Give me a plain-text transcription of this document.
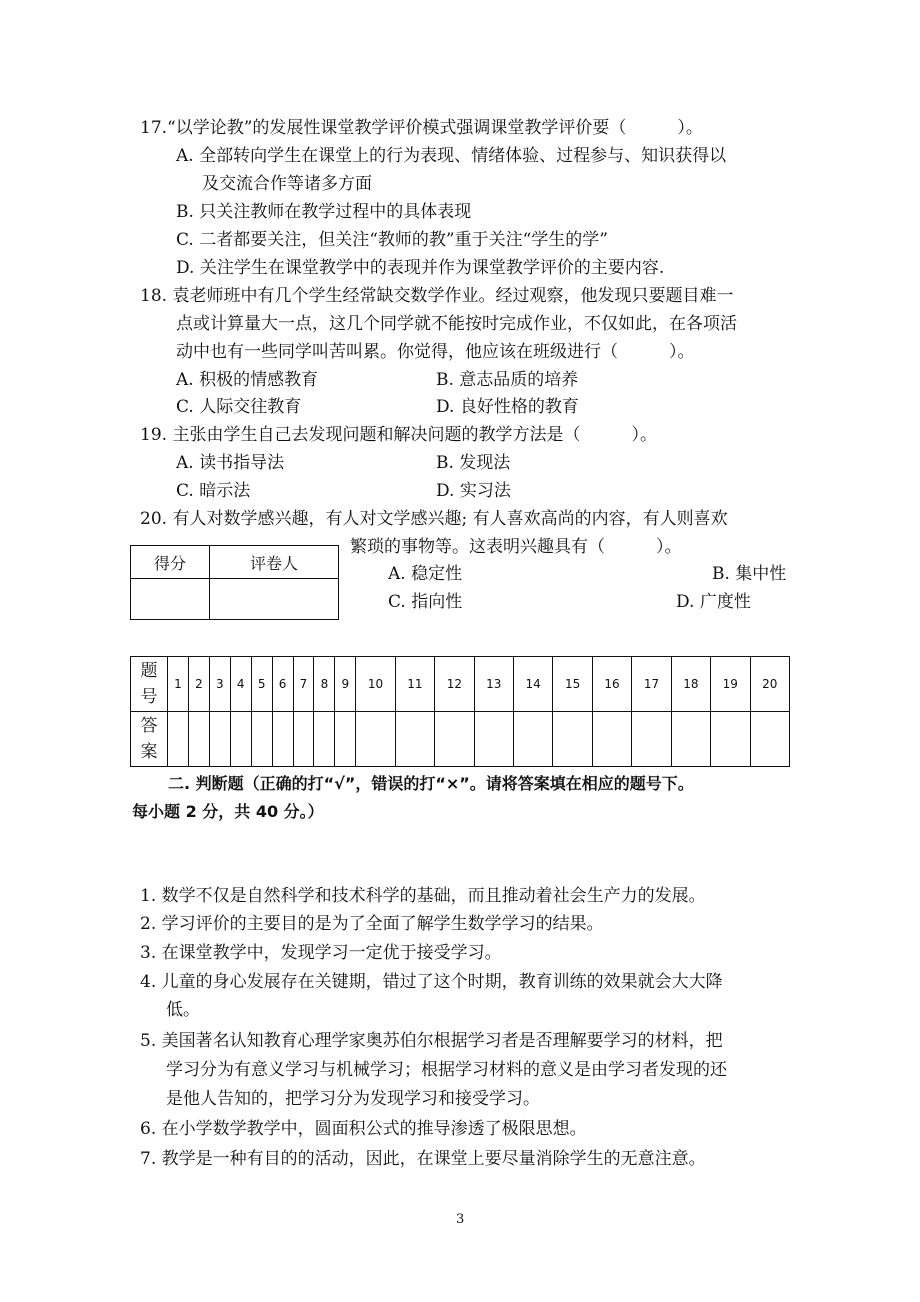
17.“以学论教”的发展性课堂教学评价模式强调课堂教学评价要（　　　）。
A. 全部转向学生在课堂上的行为表现、情绪体验、过程参与、知识获得以
及交流合作等诸多方面
B. 只关注教师在教学过程中的具体表现
C. 二者都要关注，但关注“教师的教”重于关注“学生的学”
D. 关注学生在课堂教学中的表现并作为课堂教学评价的主要内容.
18. 袁老师班中有几个学生经常缺交数学作业。经过观察，他发现只要题目难一
点或计算量大一点，这几个同学就不能按时完成作业，不仅如此，在各项活
动中也有一些同学叫苦叫累。你觉得，他应该在班级进行（　　　）。
A. 积极的情感教育	B. 意志品质的培养
C. 人际交往教育	D. 良好性格的教育
19. 主张由学生自己去发现问题和解决问题的教学方法是（　　　）。
A. 读书指导法	B. 发现法
C. 暗示法	D. 实习法
20. 有人对数学感兴趣，有人对文学感兴趣; 有人喜欢高尚的内容，有人则喜欢
繁琐的事物等。这表明兴趣具有（　　　）。
A. 稳定性	B. 集中性
C. 指向性	D. 广度性
得分	评卷人

题
号	1	2	3	4	5	6	7	8	9	10	11	12	13	14	15	16	17	18	19	20

答
案																				

二. 判断题（正确的打“√”，错误的打“×”。请将答案填在相应的题号下。
每小题 2 分，共 40 分。）
1. 数学不仅是自然科学和技术科学的基础，而且推动着社会生产力的发展。
2. 学习评价的主要目的是为了全面了解学生数学学习的结果。
3. 在课堂教学中，发现学习一定优于接受学习。
4. 儿童的身心发展存在关键期，错过了这个时期，教育训练的效果就会大大降
低。
5. 美国著名认知教育心理学家奥苏伯尔根据学习者是否理解要学习的材料，把
学习分为有意义学习与机械学习；根据学习材料的意义是由学习者发现的还
是他人告知的，把学习分为发现学习和接受学习。
6. 在小学数学教学中，圆面积公式的推导渗透了极限思想。
7. 教学是一种有目的的活动，因此，在课堂上要尽量消除学生的无意注意。
3
